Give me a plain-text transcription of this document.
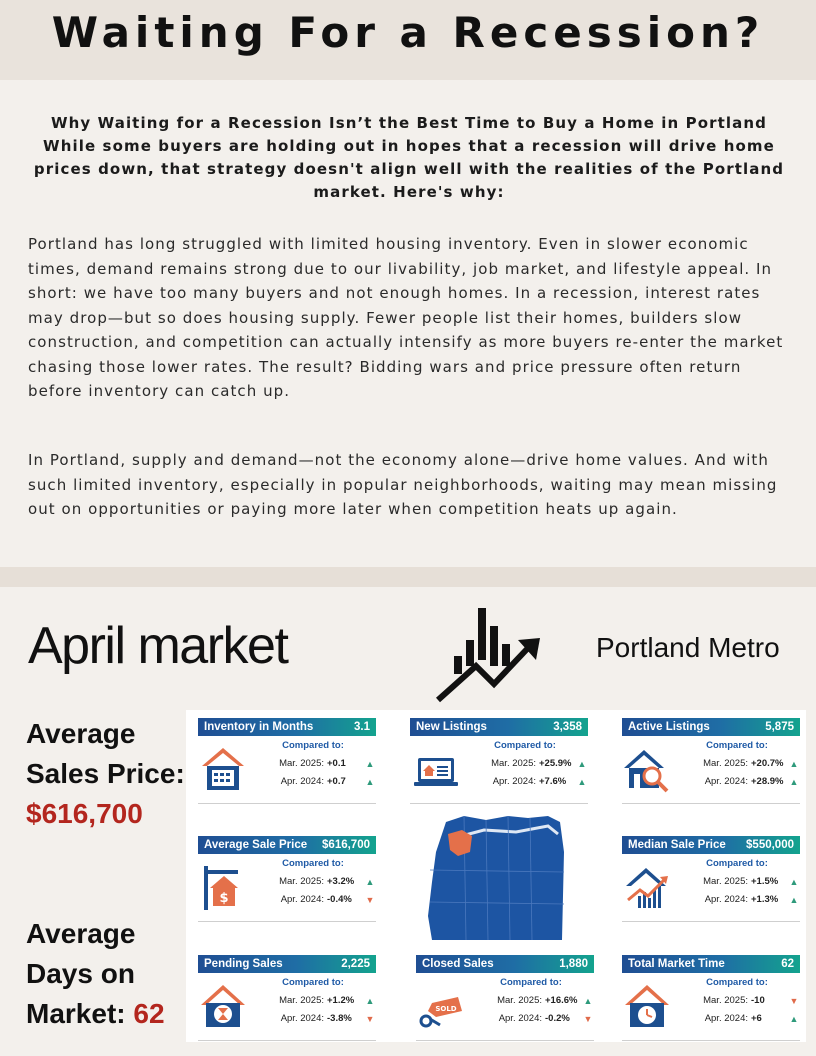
Waiting For a Recession?
Why Waiting for a Recession Isn’t the Best Time to Buy a Home in Portland
While some buyers are holding out in hopes that a recession will drive home prices down, that strategy doesn't align well with the realities of the Portland market. Here's why:

Portland has long struggled with limited housing inventory. Even in slower economic times, demand remains strong due to our livability, job market, and lifestyle appeal. In short: we have too many buyers and not enough homes. In a recession, interest rates may drop—but so does housing supply. Fewer people list their homes, builders slow construction, and competition can actually intensify as more buyers re-enter the market chasing those lower rates. The result? Bidding wars and price pressure often return before inventory can catch up.

In Portland, supply and demand—not the economy alone—drive home values. And with such limited inventory, especially in popular neighborhoods, waiting may mean missing out on opportunities or paying more later when competition heats up again.

April market	Portland Metro
Average Sales Price:
$616,700
Average Days on Market: 62
Inventory in Months	3.1
Compared to:
Mar. 2025: +0.1	▲
Apr. 2024: +0.7	▲
New Listings	3,358
Compared to:
Mar. 2025: +25.9% ▲
Apr. 2024: +7.6%	▲
Active Listings	5,875
Compared to:
Mar. 2025: +20.7% ▲
Apr. 2024: +28.9% ▲
Average Sale Price $616,700
$
Compared to:
Mar. 2025: +3.2%	▲
Apr. 2024: -0.4%	▼
Median Sale Price $550,000
Compared to:
Mar. 2025: +1.5%	▲
Apr. 2024: +1.3%	▲
Pending Sales	2,225
Compared to:
Mar. 2025: +1.2%	▲
Apr. 2024: -3.8%	▼
Closed Sales	1,880
SOLD
Compared to:
Mar. 2025: +16.6% ▲
Apr. 2024: -0.2%	▼
Total Market Time	62
Compared to:
Mar. 2025: -10	▼
Apr. 2024: +6	▲
